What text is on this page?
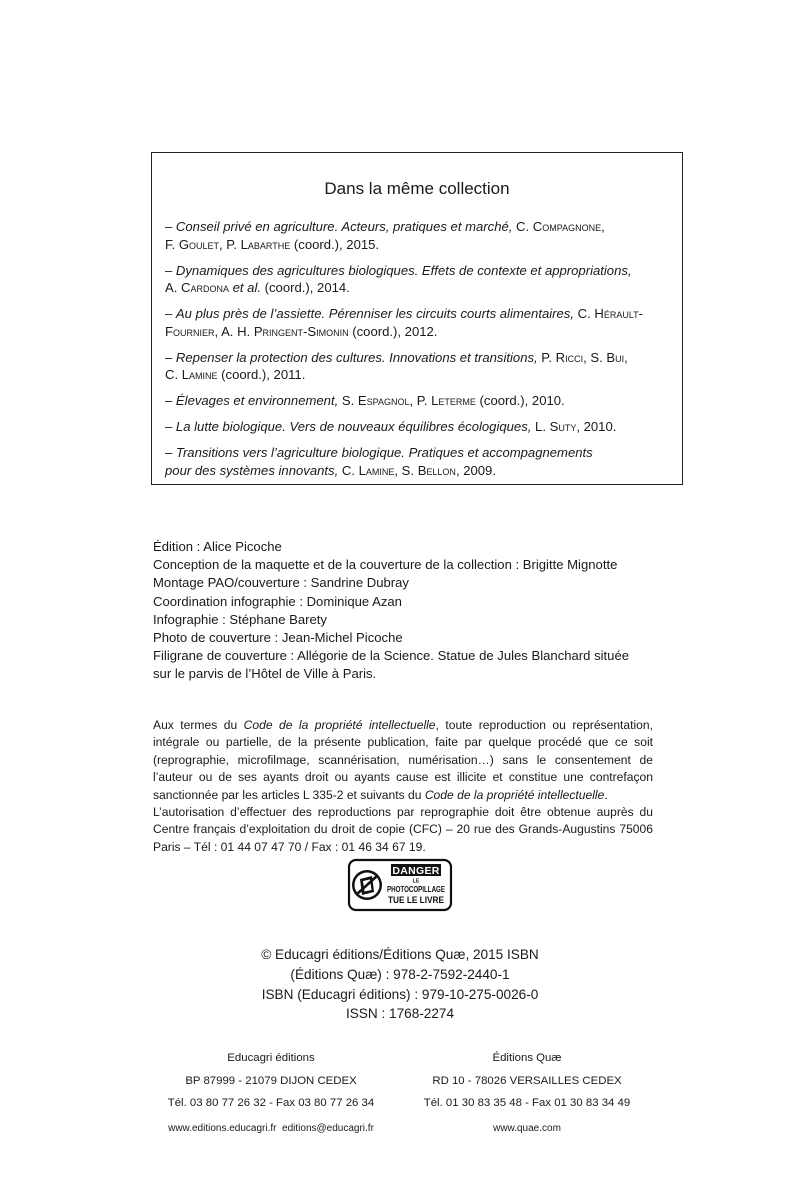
Dans la même collection
– Conseil privé en agriculture. Acteurs, pratiques et marché, C. Compagnone,
F. Goulet, P. Labarthe (coord.), 2015.
– Dynamiques des agricultures biologiques. Effets de contexte et appropriations,
A. Cardona et al. (coord.), 2014.
– Au plus près de l’assiette. Pérenniser les circuits courts alimentaires, C. Hérault-
Fournier, A. H. Pringent-Simonin (coord.), 2012.
– Repenser la protection des cultures. Innovations et transitions, P. Ricci, S. Bui,
C. Lamine (coord.), 2011.
– Élevages et environnement, S. Espagnol, P. Leterme (coord.), 2010.
– La lutte biologique. Vers de nouveaux équilibres écologiques, L. Suty, 2010.
– Transitions vers l’agriculture biologique. Pratiques et accompagnements
pour des systèmes innovants, C. Lamine, S. Bellon, 2009.
Édition : Alice Picoche
Conception de la maquette et de la couverture de la collection : Brigitte Mignotte
Montage PAO/couverture : Sandrine Dubray
Coordination infographie : Dominique Azan
Infographie : Stéphane Barety
Photo de couverture : Jean-Michel Picoche
Filigrane de couverture : Allégorie de la Science. Statue de Jules Blanchard située
sur le parvis de l’Hôtel de Ville à Paris.
Aux termes du Code de la propriété intellectuelle, toute reproduction ou représentation, intégrale ou partielle, de la présente publication, faite par quelque procédé que ce soit (reprographie, microfilmage, scannérisation, numérisation…) sans le consentement de l’auteur ou de ses ayants droit ou ayants cause est illicite et constitue une contrefaçon sanctionnée par les articles L 335-2 et suivants du Code de la propriété intellectuelle.
L’autorisation d’effectuer des reproductions par reprographie doit être obtenue auprès du Centre français d’exploitation du droit de copie (CFC) – 20 rue des Grands-Augustins 75006 Paris – Tél : 01 44 07 47 70 / Fax : 01 46 34 67 19.
DANGER
LE
PHOTOCOPILLAGE
TUE LE LIVRE
© Educagri éditions/Éditions Quæ, 2015 ISBN
(Éditions Quæ) : 978-2-7592-2440-1
ISBN (Educagri éditions) : 979-10-275-0026-0
ISSN : 1768-2274
Educagri éditions
BP 87999 - 21079 DIJON CEDEX
Tél. 03 80 77 26 32 - Fax 03 80 77 26 34
www.editions.educagri.fr  editions@educagri.fr
Éditions Quæ
RD 10 - 78026 VERSAILLES CEDEX
Tél. 01 30 83 35 48 - Fax 01 30 83 34 49
www.quae.com
